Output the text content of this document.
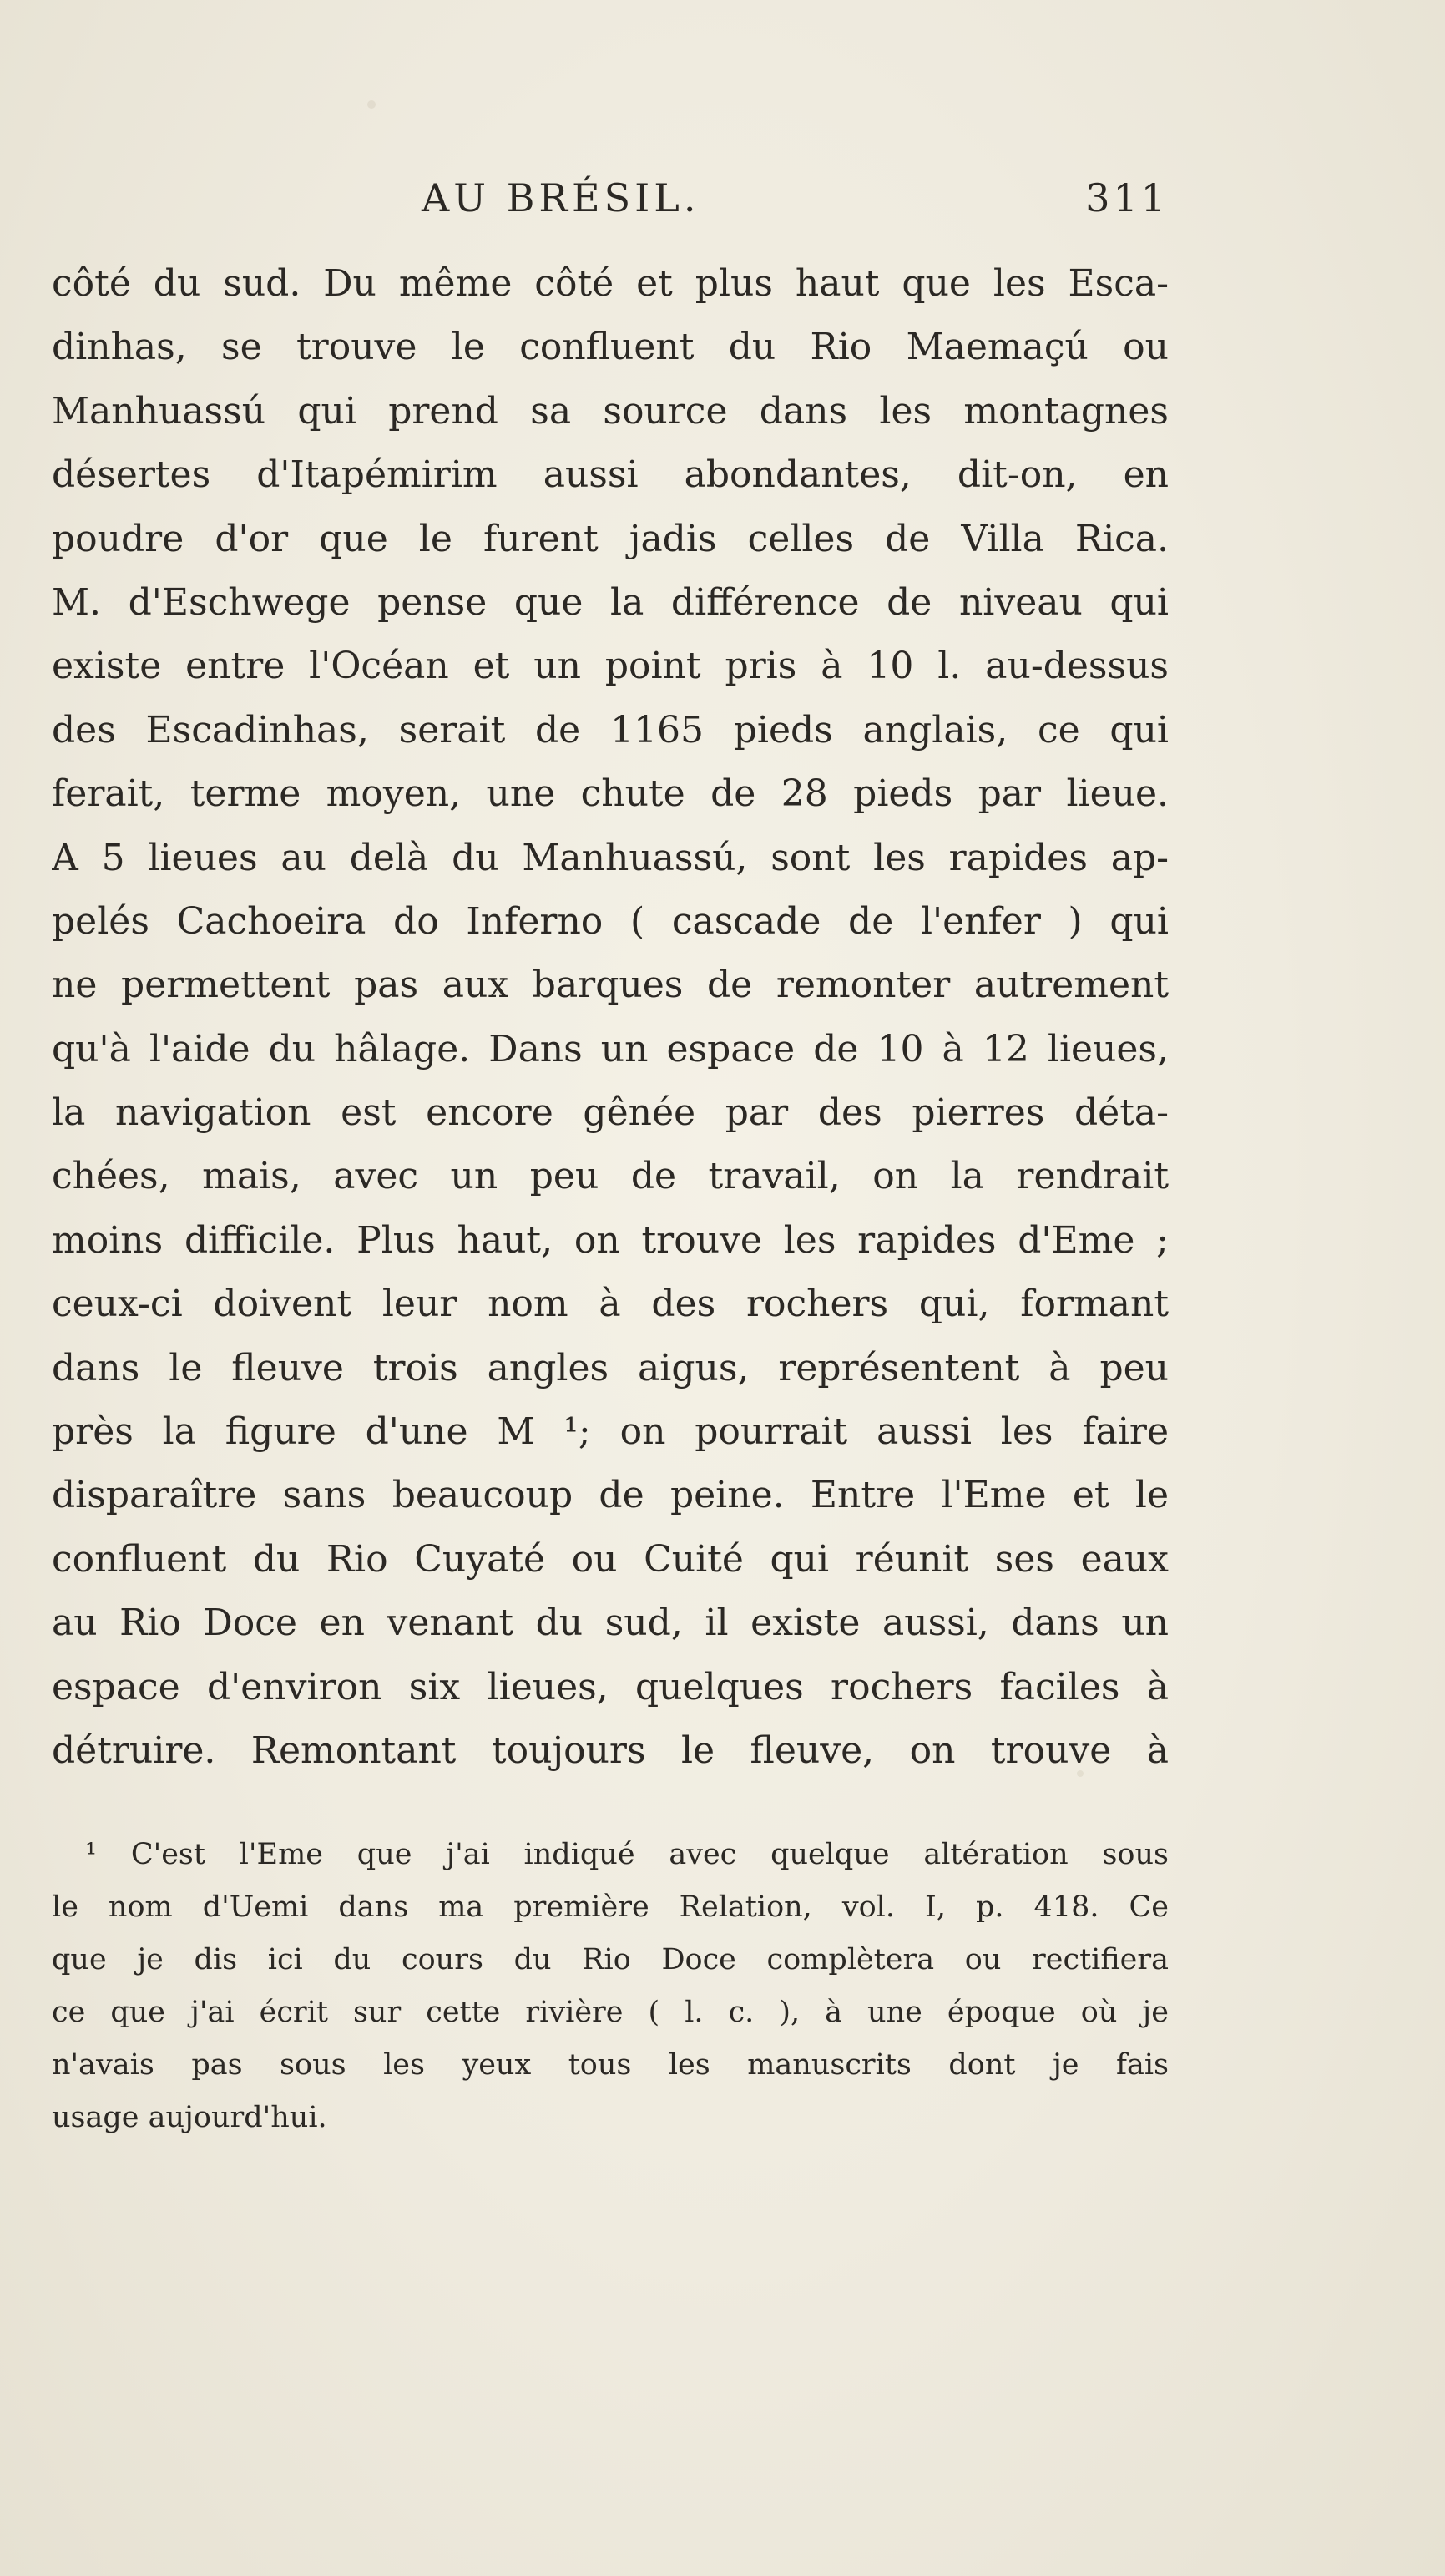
AU BRÉSIL.	311
côté du sud. Du même côté et plus haut que les Esca-
dinhas, se trouve le confluent du Rio Maemaçú ou
Manhuassú qui prend sa source dans les montagnes
désertes d'Itapémirim aussi abondantes, dit-on, en
poudre d'or que le furent jadis celles de Villa Rica.
M. d'Eschwege pense que la différence de niveau qui
existe entre l'Océan et un point pris à 10 l. au-dessus
des Escadinhas, serait de 1165 pieds anglais, ce qui
ferait, terme moyen, une chute de 28 pieds par lieue.
A 5 lieues au delà du Manhuassú, sont les rapides ap-
pelés Cachoeira do Inferno ( cascade de l'enfer ) qui
ne permettent pas aux barques de remonter autrement
qu'à l'aide du hâlage. Dans un espace de 10 à 12 lieues,
la navigation est encore gênée par des pierres déta-
chées, mais, avec un peu de travail, on la rendrait
moins difficile. Plus haut, on trouve les rapides d'Eme ;
ceux-ci doivent leur nom à des rochers qui, formant
dans le fleuve trois angles aigus, représentent à peu
près la figure d'une M ¹; on pourrait aussi les faire
disparaître sans beaucoup de peine. Entre l'Eme et le
confluent du Rio Cuyaté ou Cuité qui réunit ses eaux
au Rio Doce en venant du sud, il existe aussi, dans un
espace d'environ six lieues, quelques rochers faciles à
détruire. Remontant toujours le fleuve, on trouve à
¹ C'est l'Eme que j'ai indiqué avec quelque altération sous
le nom d'Uemi dans ma première Relation, vol. I, p. 418. Ce
que je dis ici du cours du Rio Doce complètera ou rectifiera
ce que j'ai écrit sur cette rivière ( l. c. ), à une époque où je
n'avais pas sous les yeux tous les manuscrits dont je fais
usage aujourd'hui.
